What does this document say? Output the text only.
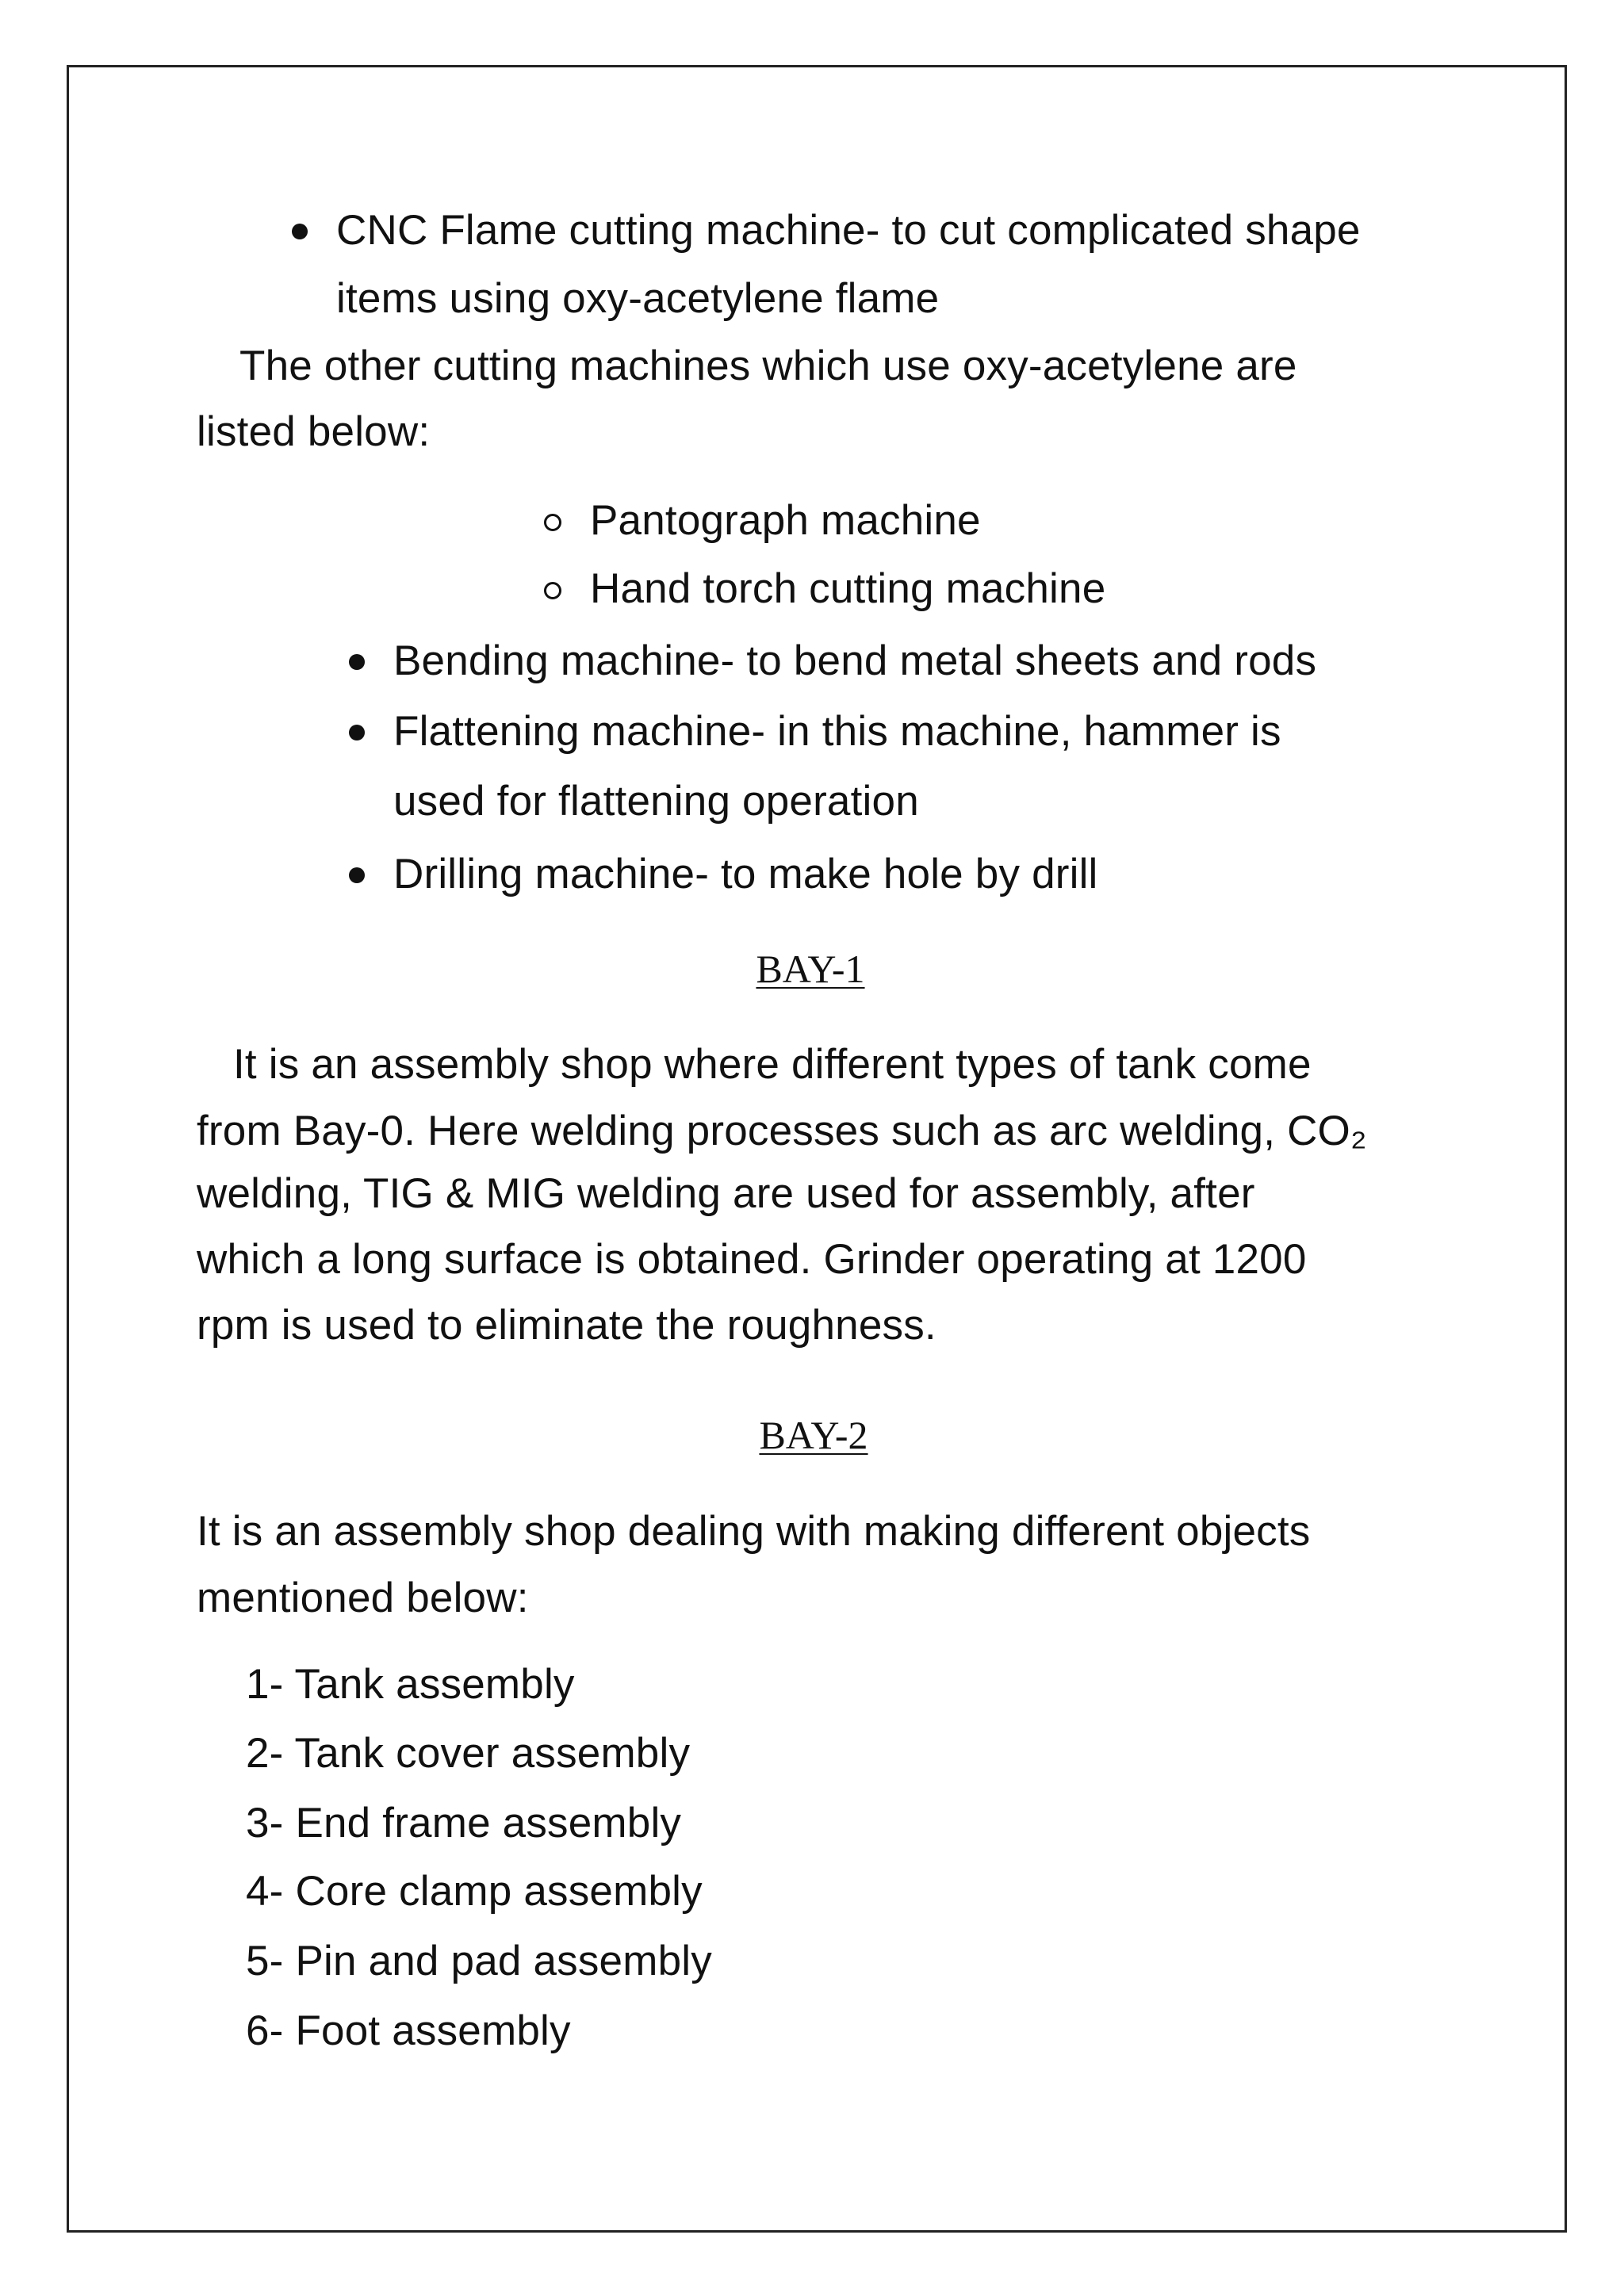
CNC Flame cutting machine- to cut complicated shape
items using oxy-acetylene flame
The other cutting machines which use oxy-acetylene are
listed below:
Pantograph machine
Hand torch cutting machine
Bending machine- to bend metal sheets and rods
Flattening machine- in this machine, hammer is
used for flattening operation
Drilling machine- to make hole by drill
BAY-1
It is an assembly shop where different types of tank come
from Bay-0. Here welding processes such as arc welding, CO₂
welding, TIG & MIG welding are used for assembly, after
which a long surface is obtained. Grinder operating at 1200
rpm is used to eliminate the roughness.
BAY-2
It is an assembly shop dealing with making different objects
mentioned below:
1- Tank assembly
2- Tank cover assembly
3- End frame assembly
4- Core clamp assembly
5- Pin and pad assembly
6- Foot assembly
